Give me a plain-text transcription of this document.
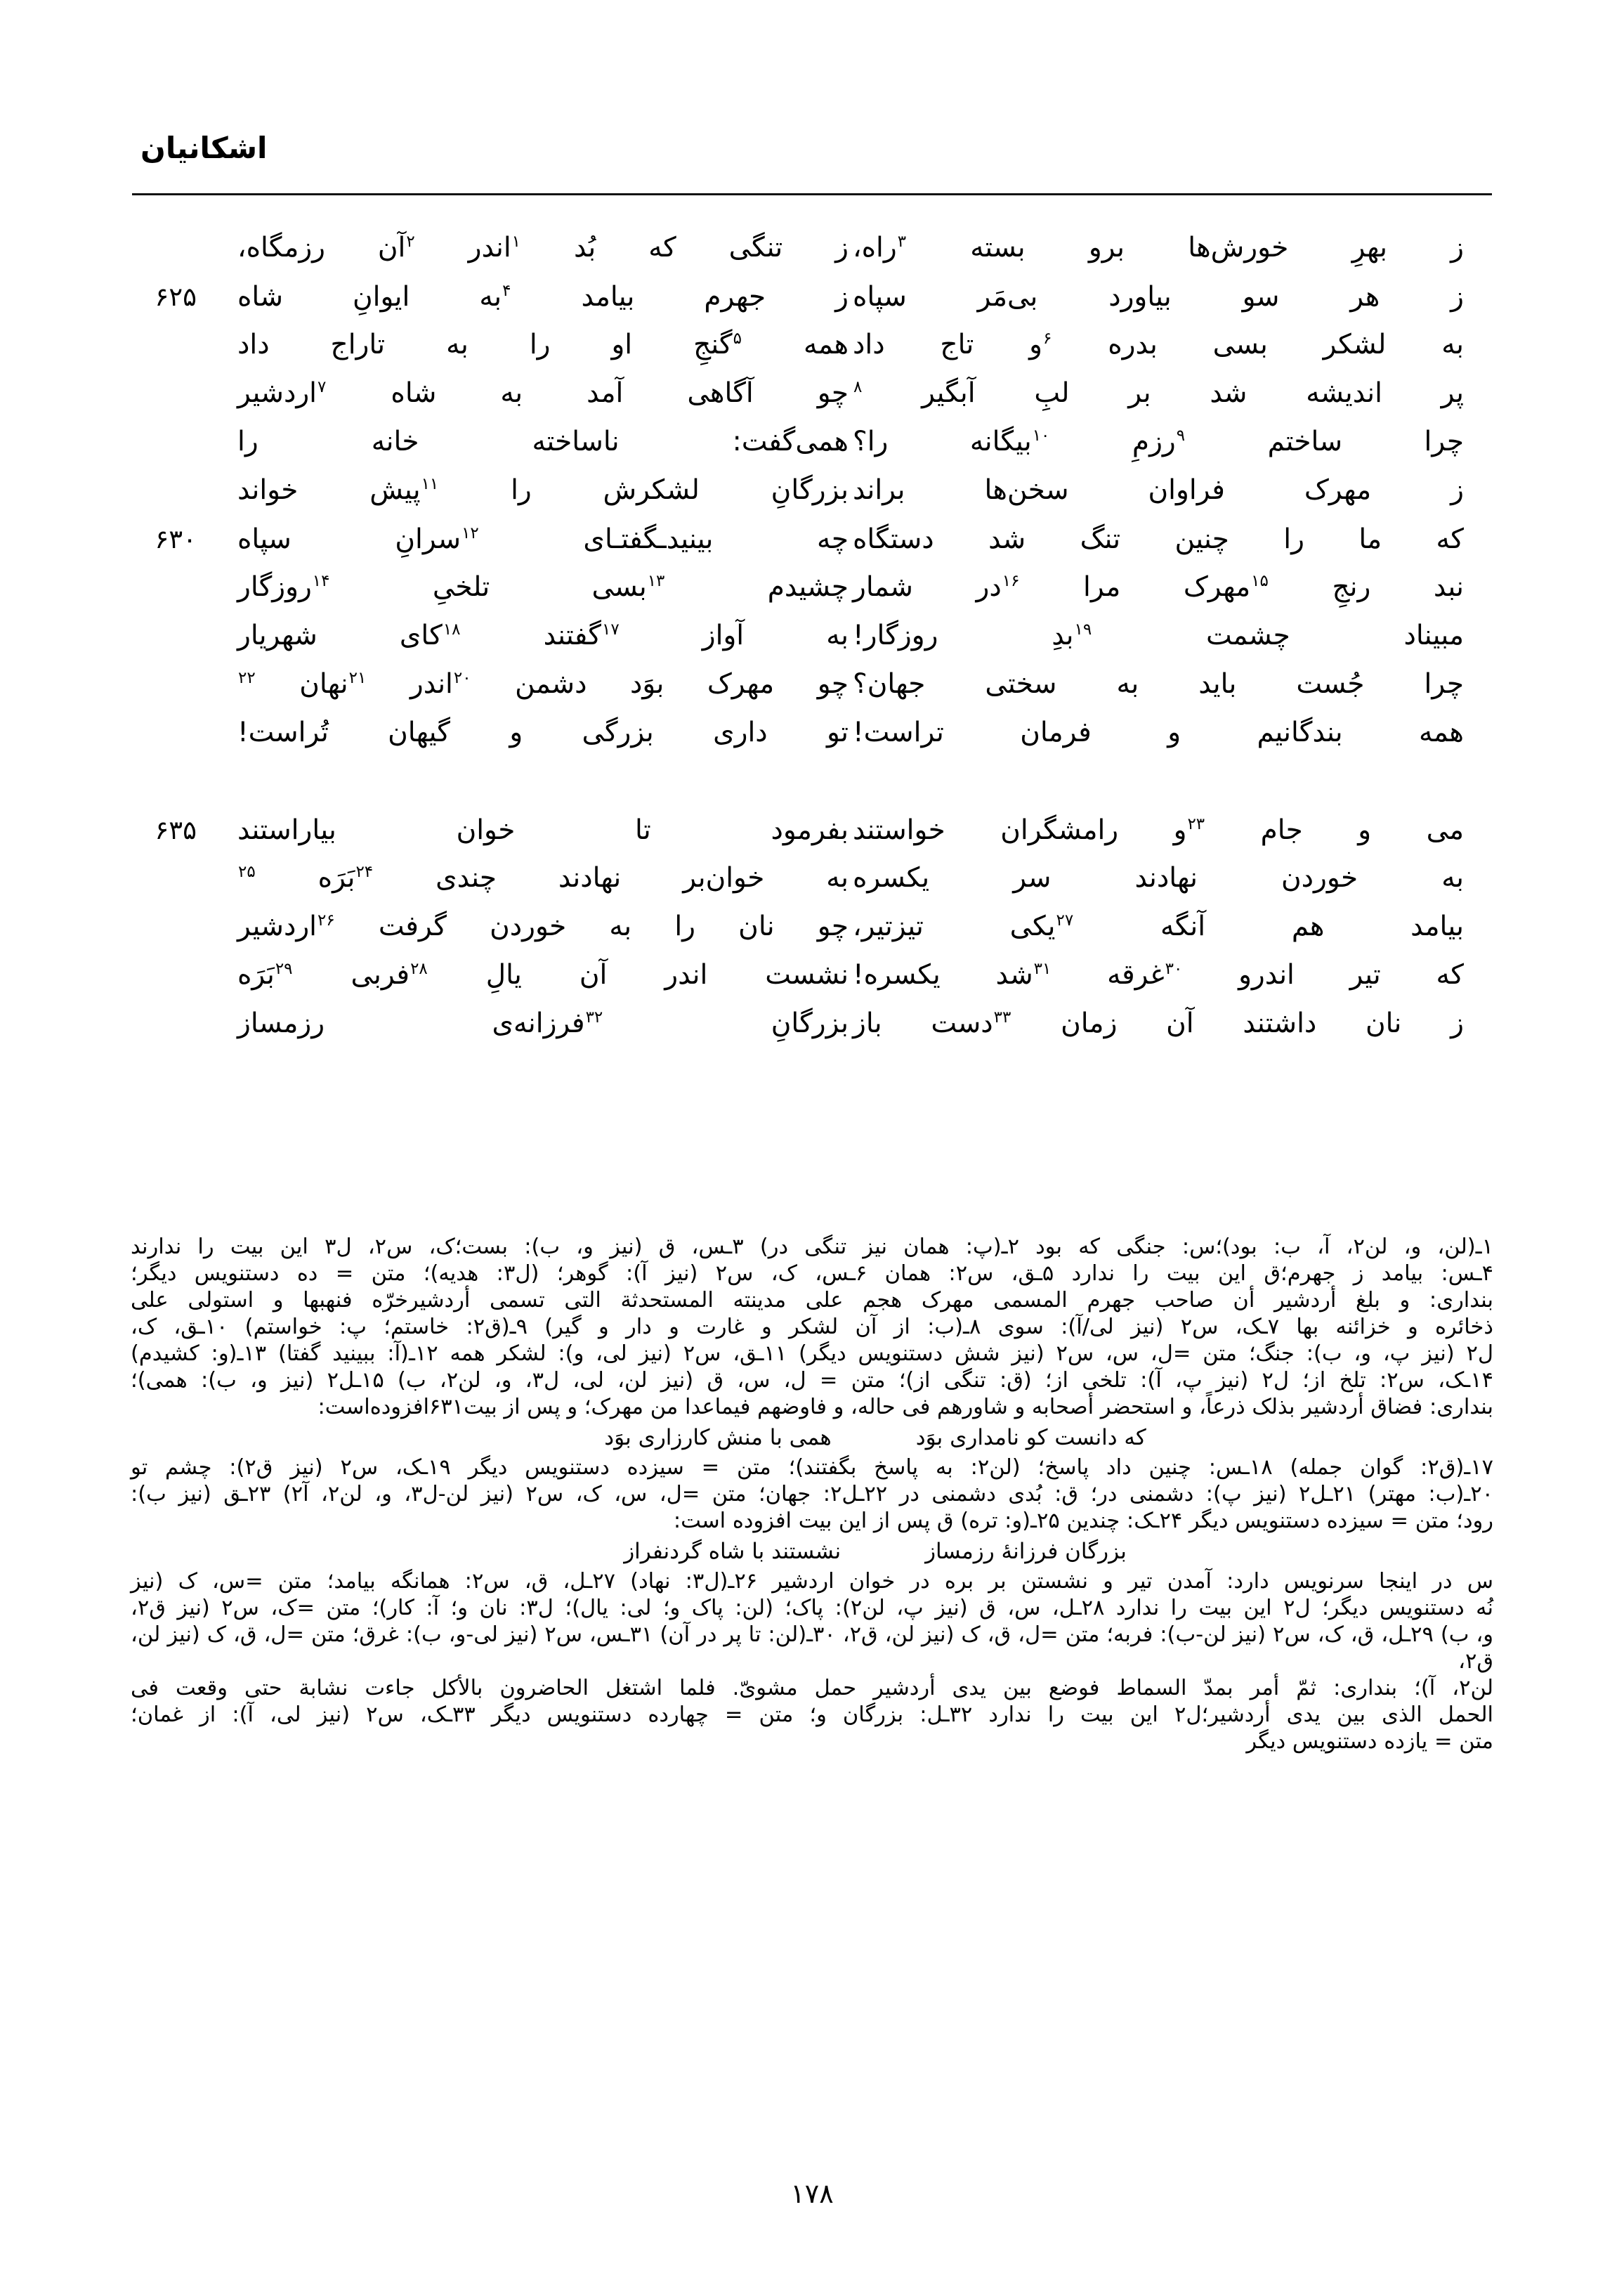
اشکانیان
ز بهرِ خورش‌ها برو بسته $^۳$راه،
ز تنگی که بُد $^۱$اندر $^۲$آن رزمگاه،
ز هر سو بیاورد بی‌مَر سپاه
ز جهرم بیامد $^۴$به ایوانِ شاه
۶۲۵
به لشکر بسی بدره $^۶$و تاج داد
همه $^۵$گنجِ او را به تاراج داد
پر اندیشه شد بر لبِ آبگیر $^۸$
چو آگاهی آمد به شاه $^۷$اردشیر
چرا ساختم $^۹$رزمِ $^{۱۰}$بیگانه را؟
همی‌گفت: ناساخته خانه را
ز مهرک فراوان سخن‌ها براند
بزرگانِ لشکرش را $^{۱۱}$پیش خواند
که ما را چنین تنگ شد دستگاه
چه بینیدـگفتـای $^{۱۲}$سرانِ سپاه
۶۳۰
نبد رنجِ $^{۱۵}$مهرک مرا $^{۱۶}$در شمار
چشیدم $^{۱۳}$بسی تلخیِ $^{۱۴}$روزگار
مبیناد چشمت $^{۱۹}$بدِ روزگار!
به آواز $^{۱۷}$گفتند $^{۱۸}$کای شهریار
چرا جُست باید به سختی جهان؟
چو مهرک بوَد دشمن $^{۲۰}$اندر $^{۲۱}$نهان $^{۲۲}$
همه بندگانیم و فرمان تراست!
تو داری بزرگی و گیهان تُراست!
می و جام $^{۲۳}$و رامشگران خواستند
بفرمود تا خوان بیاراستند
۶۳۵
به خوردن نهادند سر یکسره
به خوان‌بر نهادند چندی $^{۲۴}$بَرَه $^{۲۵}$
بیامد هم آنگه $^{۲۷}$یکی تیزتیر،
چو نان را به خوردن گرفت $^{۲۶}$اردشیر
که تیر اندرو $^{۳۰}$غرقه $^{۳۱}$شد یکسره!
نشست اندر آن یالِ $^{۲۸}$فربی $^{۲۹}$بَرَه
ز نان داشتند آن زمان $^{۳۳}$دست باز
بزرگانِ $^{۳۲}$فرزانه‌ی رزمساز
۱ـ(لن، و، لن۲، آ، ب: بود)؛س: جنگی که بود ۲ـ(پ: همان نیز تنگی در) ۳ـس، ق (نیز و، ب): بست؛ک، س۲، ل۳ این بیت را ندارند
۴ـس: بیامد ز جهرم؛ق این بیت را ندارد ۵ـق، س۲: همان ۶ـس، ک، س۲ (نیز آ): گوهر؛ (ل۳: هدیه)؛ متن = ده دستنویس دیگر؛
بنداری: و بلغ أردشیر أن صاحب جهرم المسمی مهرک هجم علی مدینته المستحدثة التی تسمی أردشیرخرّه فنهبها و استولی علی
ذخائره و خزائنه بها ۷ـک، س۲ (نیز لی/آ): سوی ۸ـ(ب: از آن لشکر و غارت و دار و گیر) ۹ـ(ق۲: خاستم؛ پ: خواستم) ۱۰ـق، ک،
ل۲ (نیز پ، و، ب): جنگ؛ متن =ل، س، س۲ (نیز شش دستنویس دیگر) ۱۱ـق، س۲ (نیز لی، و): لشکر همه ۱۲ـ(آ: ببینید گفتا) ۱۳ـ(و: کشیدم)
۱۴ـک، س۲: تلخ از؛ ل۲ (نیز پ، آ): تلخی از؛ (ق: تنگی از)؛ متن = ل، س، ق (نیز لن، لی، ل۳، و، لن۲، ب) ۱۵ـل۲ (نیز و، ب): همی)؛
بنداری: فضاق أردشیر بذلک ذرعاً، و استحضر أصحابه و شاورهم فی حاله، و فاوضهم فیماعدا من مهرک؛ و پس از بیت۶۳۱افزوده‌است:
که دانست کو نامداری بوَد
همی با منش کارزاری بوَد
۱۷ـ(ق۲: گوان جمله) ۱۸ـس: چنین داد پاسخ؛ (لن۲: به پاسخ بگفتند)؛ متن = سیزده دستنویس دیگر ۱۹ـک، س۲ (نیز ق۲): چشم تو
۲۰ـ(ب: مهتر) ۲۱ـل۲ (نیز پ): دشمنی در؛ ق: بُدی دشمنی در ۲۲ـل۲: جهان؛ متن =ل، س، ک، س۲ (نیز لن-ل۳، و، لن۲، آ۲) ۲۳ـق (نیز ب):
رود؛ متن = سیزده دستنویس دیگر ۲۴ـک: چندین ۲۵ـ(و: تره) ق پس از این بیت افزوده است:
بزرگان فرزانهٔ رزمساز
نشستند با شاه گردنفراز
س در اینجا سرنویس دارد: آمدن تیر و نشستن بر بره در خوان اردشیر ۲۶ـ(ل۳: نهاد) ۲۷ـل، ق، س۲: همانگه بیامد؛ متن =س، ک (نیز
نُه دستنویس دیگر؛ ل۲ این بیت را ندارد ۲۸ـل، س، ق (نیز پ، لن۲): پاک؛ (لن: پاک و؛ لی: یال)؛ ل۳: نان و؛ آ: کار)؛ متن =ک، س۲ (نیز ق۲،
و، ب) ۲۹ـل، ق، ک، س۲ (نیز لن-ب): فربه؛ متن =ل، ق، ک (نیز لن، ق۲، ۳۰ـ(لن: تا پر در آن) ۳۱ـس، س۲ (نیز لی-و، ب): غرق؛ متن =ل، ق، ک (نیز لن، ق۲،
لن۲، آ)؛ بنداری: ثمّ أمر بمدّ السماط فوضع بین یدی أردشیر حمل مشویّ. فلما اشتغل الحاضرون بالأکل جاءت نشابة حتی وقعت فی
الحمل الذی بین یدی أردشیر؛ل۲ این بیت را ندارد ۳۲ـل: بزرگان و؛ متن = چهارده دستنویس دیگر ۳۳ـک، س۲ (نیز لی، آ): از غمان؛
متن = یازده دستنویس دیگر
۱۷۸
